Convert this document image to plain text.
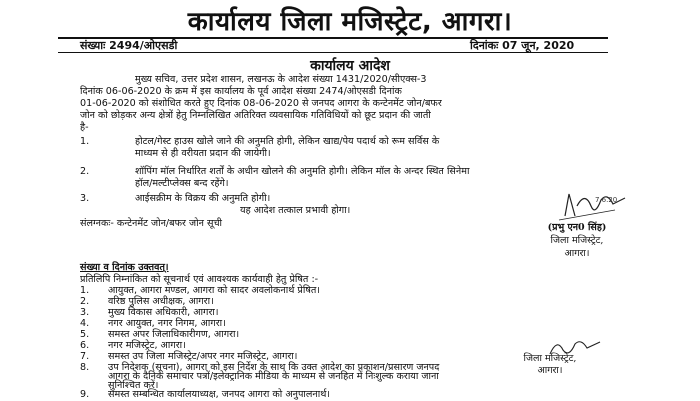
कार्यालय जिला मजिस्ट्रेट, आगरा।
संख्याः 2494/ओएसडी	दिनांकः 07 जून, 2020
कार्यालय आदेश
मुख्य सचिव, उत्तर प्रदेश शासन, लखनऊ के आदेश संख्या 1431/2020/सीएक्स-3
दिनांक 06-06-2020 के क्रम में इस कार्यालय के पूर्व आदेश संख्या 2474/ओएसडी दिनांक
01-06-2020 को संशोधित करते हुए दिनांक 08-06-2020 से जनपद आगरा के कन्टेनमेंट जोन/बफर
जोन को छोड़कर अन्य क्षेत्रों हेतु निम्नलिखित अतिरिक्त व्यवसायिक गतिविधियों को छूट प्रदान की जाती
है-
1.	होटल/गेस्ट हाउस खोले जाने की अनुमति होगी, लेकिन खाद्य/पेय पदार्थ को रूम सर्विस के
माध्यम से ही वरीयता प्रदान की जायेगी।
2.	शॉपिंग मॉल निर्धारित शर्तों के अधीन खोलने की अनुमति होगी। लेकिन मॉल के अन्दर स्थित सिनेमा
हॉल/मल्टीप्लेक्स बन्द रहेंगे।
3.	आईसक्रीम के विक्रय की अनुमति होगी।
यह आदेश तत्काल प्रभावी होगा।
संलग्नकः- कन्टेनमेंट जोन/बफर जोन सूची
7.6.20
(प्रभु एन0 सिंह)
जिला मजिस्ट्रेट,
आगरा।
संख्या व दिनांक उक्तवत्।
प्रतिलिपि निम्नांकित को सूचनार्थ एवं आवश्यक कार्यवाही हेतु प्रेषित :-
1. आयुक्त, आगरा मण्डल, आगरा को सादर अवलोकनार्थ प्रेषित।
2. वरिष्ठ पुलिस अधीक्षक, आगरा।
3. मुख्य विकास अधिकारी, आगरा।
4. नगर आयुक्त, नगर निगम, आगरा।
5. समस्त अपर जिलाधिकारीगण, आगरा।
6. नगर मजिस्ट्रेट, आगरा।
7. समस्त उप जिला मजिस्ट्रेट/अपर नगर मजिस्ट्रेट, आगरा।
8. उप निदेशक (सूचना), आगरा को इस निर्देश के साथ कि उक्त आदेश का प्रकाशन/प्रसारण जनपद
आगरा के दैनिक समाचार पत्रों/इलेक्ट्रानिक मीडिया के माध्यम से जनहित में निःशुल्क कराया जाना
सुनिश्चित करें।
9. समस्त सम्बन्धित कार्यालयाध्यक्ष, जनपद आगरा को अनुपालनार्थ।
जिला मजिस्ट्रेट,
आगरा।
